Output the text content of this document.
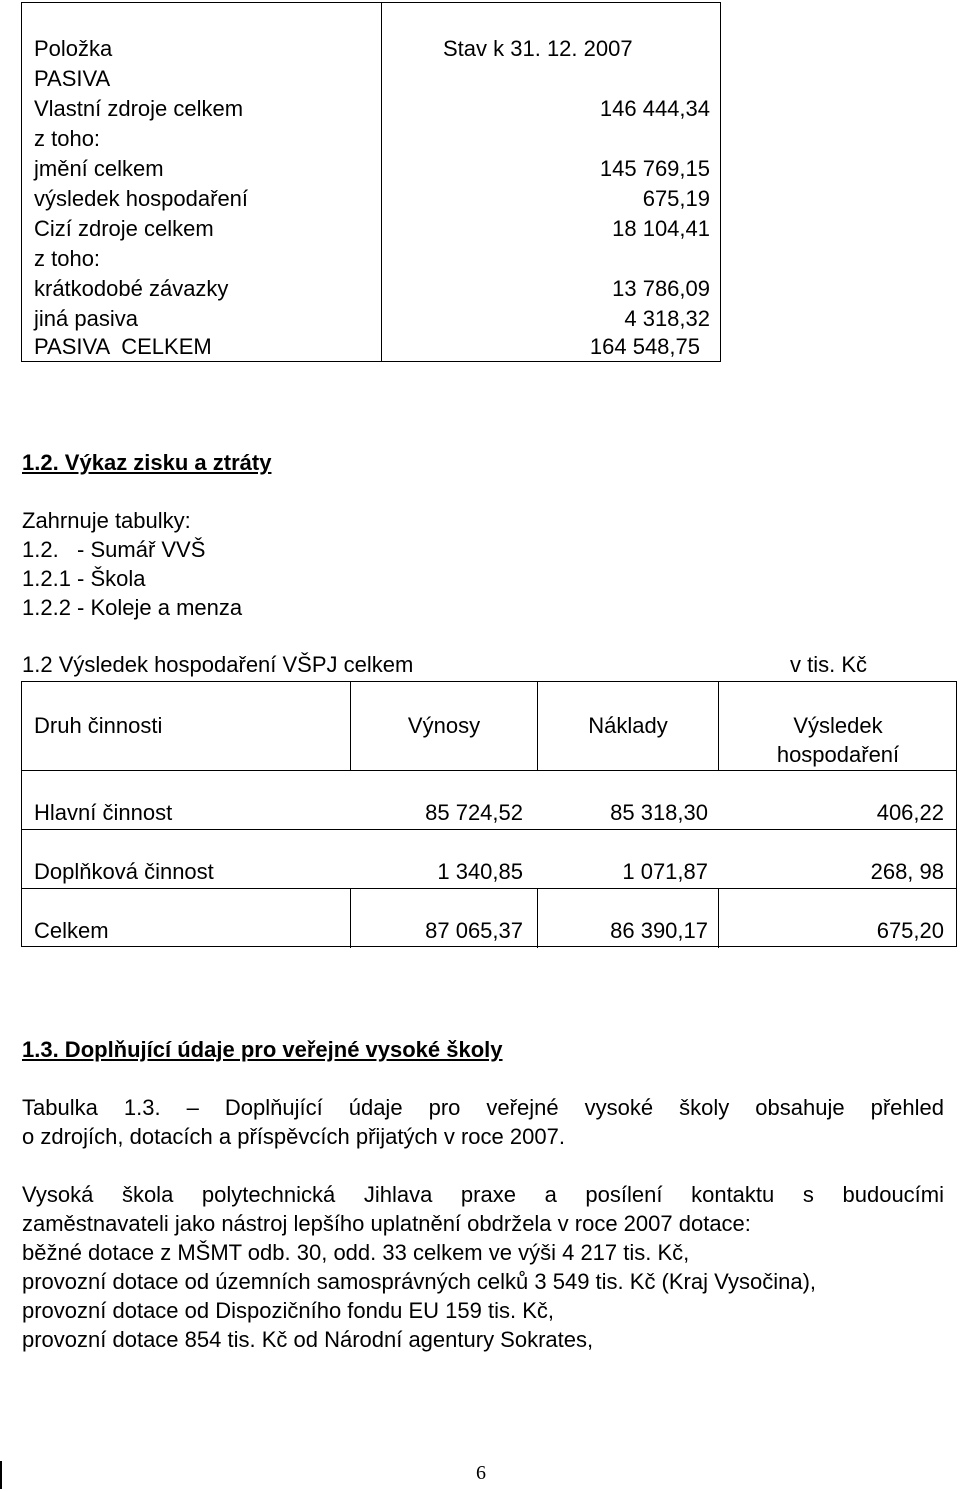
Položka	Stav k 31. 12. 2007
PASIVA
Vlastní zdroje celkem	146 444,34
z toho:
jmění celkem	145 769,15
výsledek hospodaření	675,19
Cizí zdroje celkem	18 104,41
z toho:
krátkodobé závazky	13 786,09
jiná pasiva	4 318,32
PASIVA  CELKEM	164 548,75
1.2. Výkaz zisku a ztráty
Zahrnuje tabulky:
1.2.   - Sumář VVŠ
1.2.1 - Škola
1.2.2 - Koleje a menza
1.2 Výsledek hospodaření VŠPJ celkem	v tis. Kč
Druh činnosti	Výnosy	Náklady	Výsledek
hospodaření
Hlavní činnost	85 724,52	85 318,30	406,22
Doplňková činnost	1 340,85	1 071,87	268, 98
Celkem	87 065,37	86 390,17	675,20
1.3. Doplňující údaje pro veřejné vysoké školy
Tabulka 1.3. – Doplňující údaje pro veřejné vysoké školy obsahuje přehled
o zdrojích, dotacích a příspěvcích přijatých v roce 2007.
Vysoká škola polytechnická Jihlava praxe a posílení kontaktu s budoucími
zaměstnavateli jako nástroj lepšího uplatnění obdržela v roce 2007 dotace:
běžné dotace z MŠMT odb. 30, odd. 33 celkem ve výši 4 217 tis. Kč,
provozní dotace od územních samosprávných celků 3 549 tis. Kč (Kraj Vysočina),
provozní dotace od Dispozičního fondu EU 159 tis. Kč,
provozní dotace 854 tis. Kč od Národní agentury Sokrates,
6
